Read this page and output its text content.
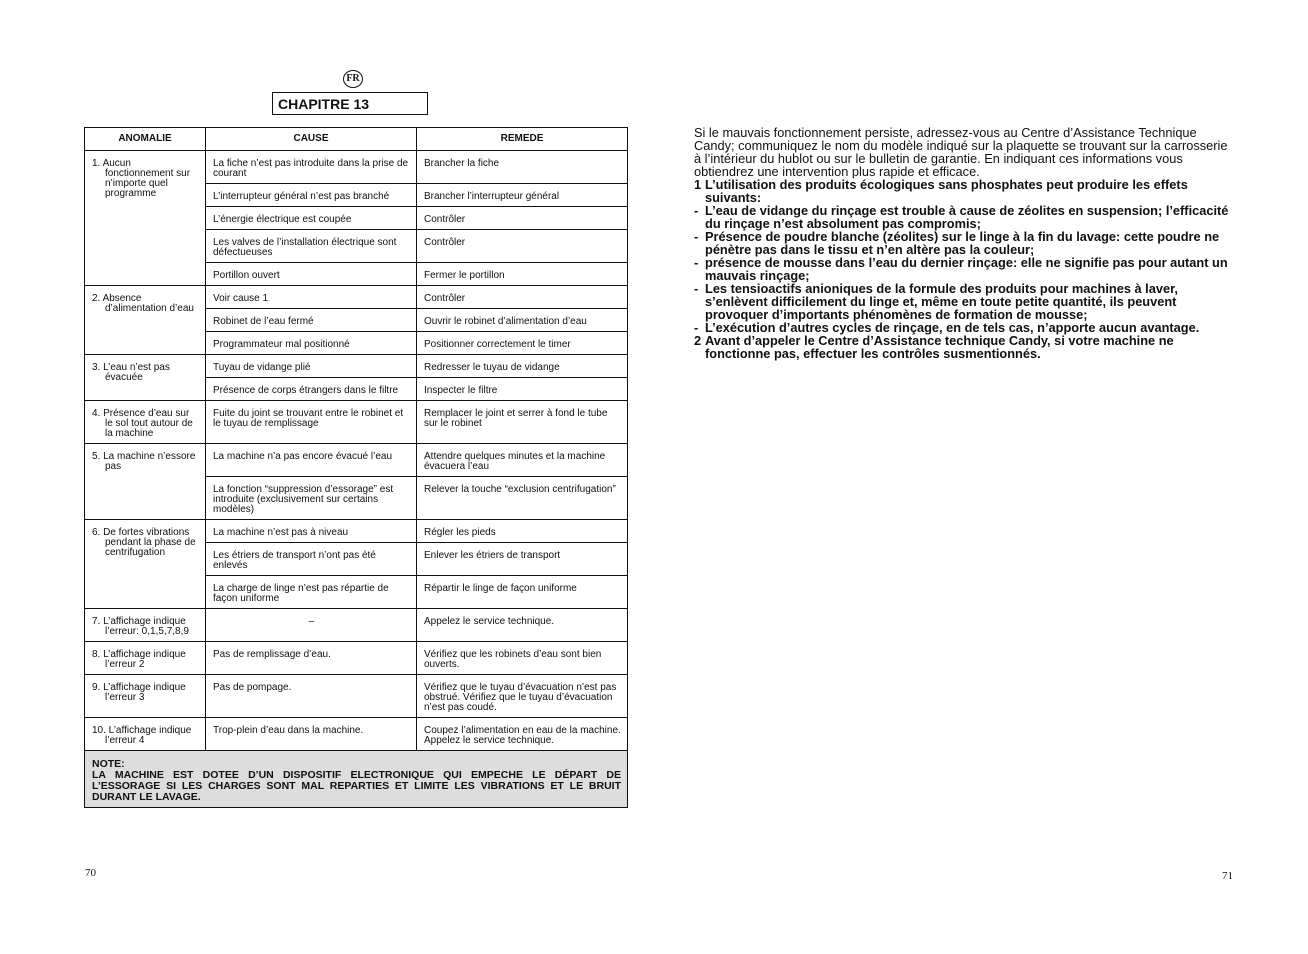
FR
CHAPITRE 13
ANOMALIE	CAUSE	REMEDE

1. Aucun fonctionnement sur n’importe quel programme	La fiche n’est pas introduite dans la prise de courant	Brancher la fiche
	L’interrupteur général n’est pas branché	Brancher l’interrupteur général
	L’énergie électrique est coupée	Contrôler
	Les valves de l’installation électrique sont défectueuses	Contrôler
	Portillon ouvert	Fermer le portillon

2. Absence d’alimentation d’eau	Voir cause 1	Contrôler
	Robinet de l’eau fermé	Ouvrir le robinet d’alimentation d’eau
	Programmateur mal positionné	Positionner correctement le timer

3. L’eau n’est pas évacuée	Tuyau de vidange plié	Redresser le tuyau de vidange
	Présence de corps étrangers dans le filtre	Inspecter le filtre

4. Présence d’eau sur le sol tout autour de la machine	Fuite du joint se trouvant entre le robinet et le tuyau de remplissage	Remplacer le joint et serrer à fond le tube sur le robinet

5. La machine n’essore pas	La machine n’a pas encore évacué l’eau	Attendre quelques minutes et la machine évacuera l’eau
	La fonction “suppression d’essorage” est introduite (exclusivement sur certains modèles)	Relever la touche “exclusion centrifugation”

6. De fortes vibrations pendant la phase de centrifugation	La machine n’est pas à niveau	Régler les pieds
	Les étriers de transport n’ont pas été enlevés	Enlever les étriers de transport
	La charge de linge n’est pas répartie de façon uniforme	Répartir le linge de façon uniforme

7. L’affichage indique l’erreur: 0,1,5,7,8,9	–	Appelez le service technique.

8. L’affichage indique l’erreur 2	Pas de remplissage d’eau.	Vérifiez que les robinets d’eau sont bien ouverts.

9. L’affichage indique l’erreur 3	Pas de pompage.	Vérifiez que le tuyau d’évacuation n’est pas obstrué. Vérifiez que le tuyau d’évacuation n’est pas coudé.

10. L’affichage indique l’erreur 4	Trop-plein d’eau dans la machine.	Coupez l’alimentation en eau de la machine. Appelez le service technique.

NOTE:
LA MACHINE EST DOTEE D’UN DISPOSITIF ELECTRONIQUE QUI EMPECHE LE DÉPART DE L’ESSORAGE SI LES CHARGES SONT MAL REPARTIES ET LIMITE LES VIBRATIONS ET LE BRUIT DURANT LE LAVAGE.		

Si le mauvais fonctionnement persiste, adressez-vous au Centre d’Assistance Technique Candy; communiquez le nom du modèle indiqué sur la plaquette se trouvant sur la carrosserie à l’intérieur du hublot ou sur le bulletin de garantie. En indiquant ces informations vous obtiendrez une intervention plus rapide et efficace.

1 L’utilisation des produits écologiques sans phosphates peut produire les effets suivants:
- L’eau de vidange du rinçage est trouble à cause de zéolites en suspension; l’efficacité du rinçage n’est absolument pas compromis;
- Présence de poudre blanche (zéolites) sur le linge à la fin du lavage: cette poudre ne pénètre pas dans le tissu et n’en altère pas la couleur;
- présence de mousse dans l’eau du dernier rinçage: elle ne signifie pas pour autant un mauvais rinçage;
- Les tensioactifs anioniques de la formule des produits pour machines à laver, s’enlèvent difficilement du linge et, même en toute petite quantité, ils peuvent provoquer d’importants phénomènes de formation de mousse;
- L’exécution d’autres cycles de rinçage, en de tels cas, n’apporte aucun avantage.
2 Avant d’appeler le Centre d’Assistance technique Candy, si votre machine ne fonctionne pas, effectuer les contrôles susmentionnés.
70	71
